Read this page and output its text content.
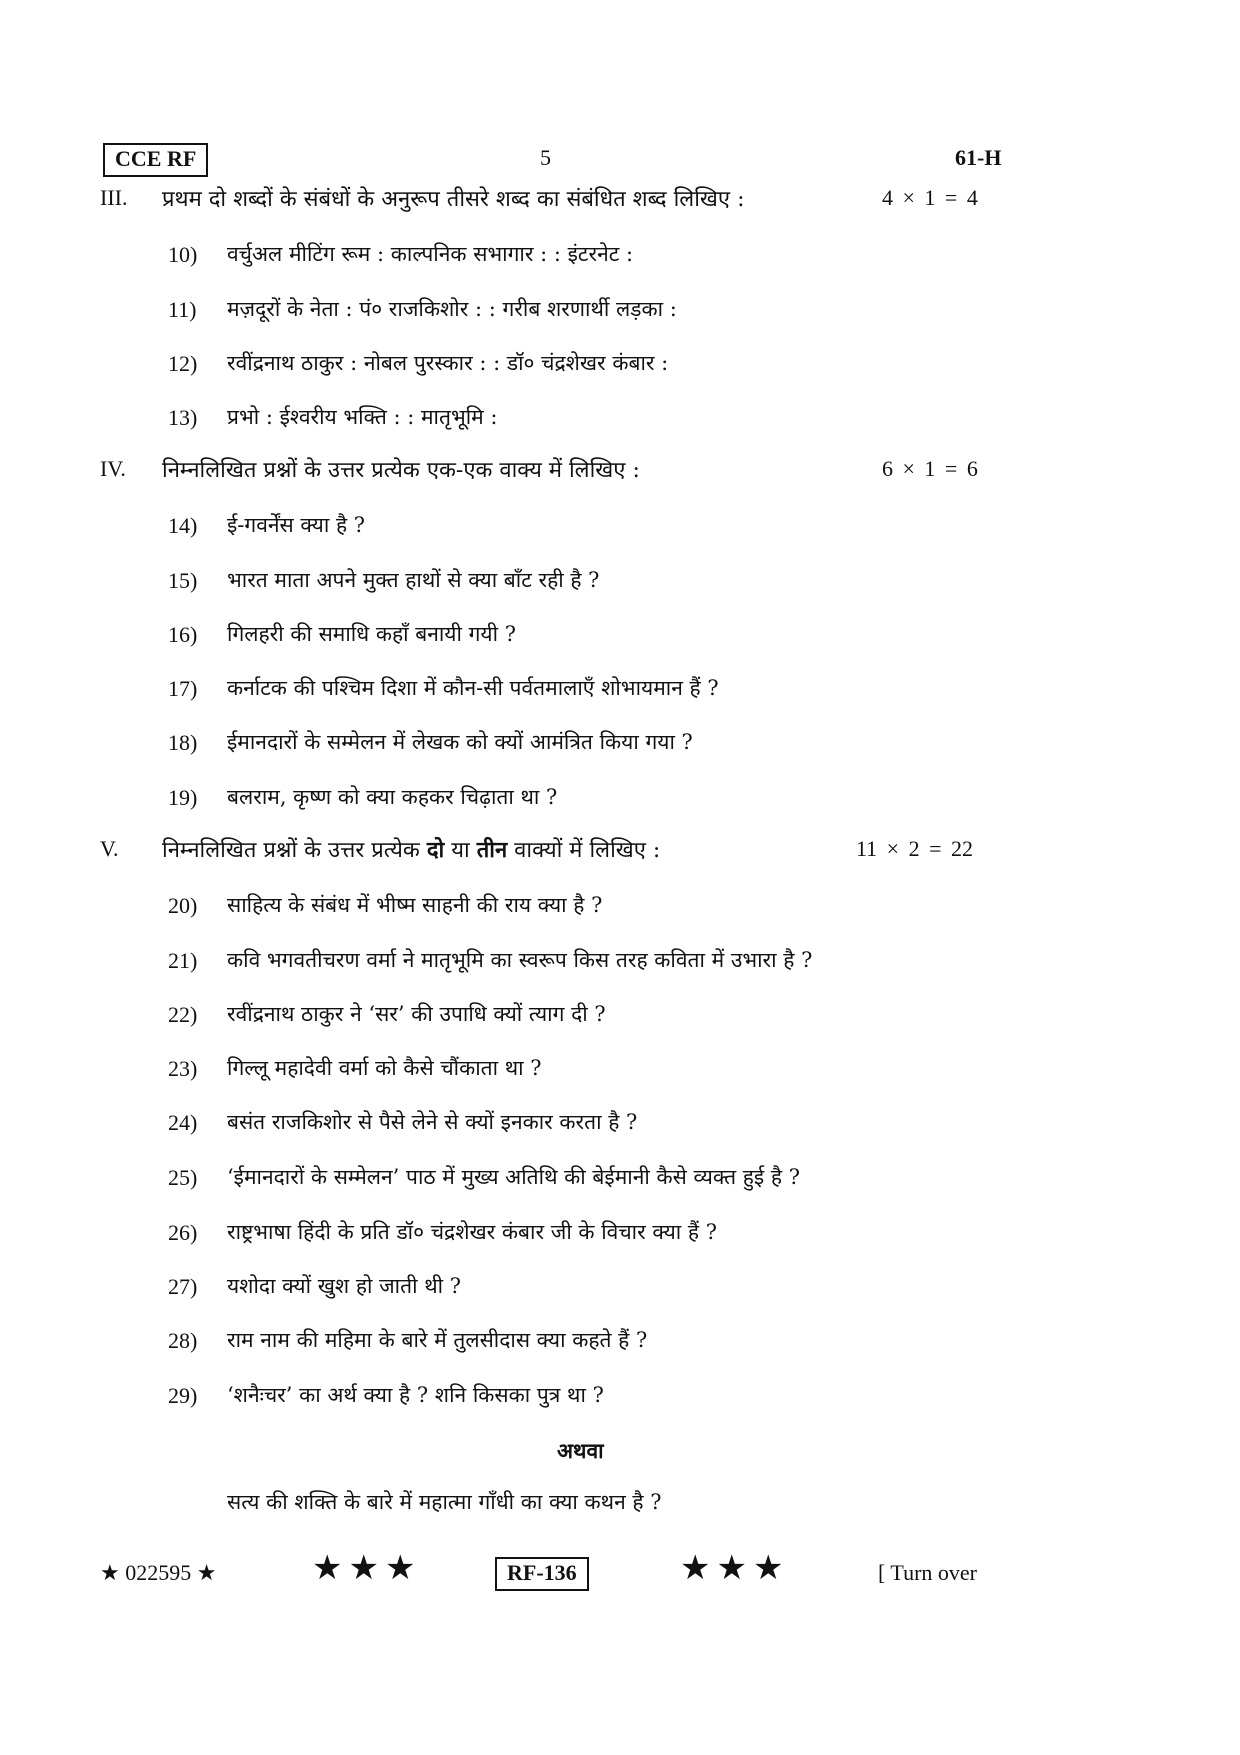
CCE RF	5	61-H
III. प्रथम दो शब्दों के संबंधों के अनुरूप तीसरे शब्द का संबंधित शब्द लिखिए :	4 × 1 = 4
10) वर्चुअल मीटिंग रूम : काल्पनिक सभागार : : इंटरनेट :
11) मज़दूरों के नेता : पं० राजकिशोर : : गरीब शरणार्थी लड़का :
12) रवींद्रनाथ ठाकुर : नोबल पुरस्कार : : डॉ० चंद्रशेखर कंबार :
13) प्रभो : ईश्वरीय भक्ति : : मातृभूमि :
IV. निम्नलिखित प्रश्नों के उत्तर प्रत्येक एक-एक वाक्य में लिखिए :	6 × 1 = 6
14) ई-गवर्नेंस क्या है ?
15) भारत माता अपने मुक्त हाथों से क्या बाँट रही है ?
16) गिलहरी की समाधि कहाँ बनायी गयी ?
17) कर्नाटक की पश्चिम दिशा में कौन-सी पर्वतमालाएँ शोभायमान हैं ?
18) ईमानदारों के सम्मेलन में लेखक को क्यों आमंत्रित किया गया ?
19) बलराम, कृष्ण को क्या कहकर चिढ़ाता था ?
V. निम्नलिखित प्रश्नों के उत्तर प्रत्येक दो या तीन वाक्यों में लिखिए :	11 × 2 = 22
20) साहित्य के संबंध में भीष्म साहनी की राय क्या है ?
21) कवि भगवतीचरण वर्मा ने मातृभूमि का स्वरूप किस तरह कविता में उभारा है ?
22) रवींद्रनाथ ठाकुर ने ‘सर’ की उपाधि क्यों त्याग दी ?
23) गिल्लू महादेवी वर्मा को कैसे चौंकाता था ?
24) बसंत राजकिशोर से पैसे लेने से क्यों इनकार करता है ?
25) ‘ईमानदारों के सम्मेलन’ पाठ में मुख्य अतिथि की बेईमानी कैसे व्यक्त हुई है ?
26) राष्ट्रभाषा हिंदी के प्रति डॉ० चंद्रशेखर कंबार जी के विचार क्या हैं ?
27) यशोदा क्यों खुश हो जाती थी ?
28) राम नाम की महिमा के बारे में तुलसीदास क्या कहते हैं ?
29) ‘शनैःचर’ का अर्थ क्या है ? शनि किसका पुत्र था ?
अथवा
सत्य की शक्ति के बारे में महात्मा गाँधी का क्या कथन है ?
★ 022595 ★	★★★	RF-136	★★★	[ Turn over
